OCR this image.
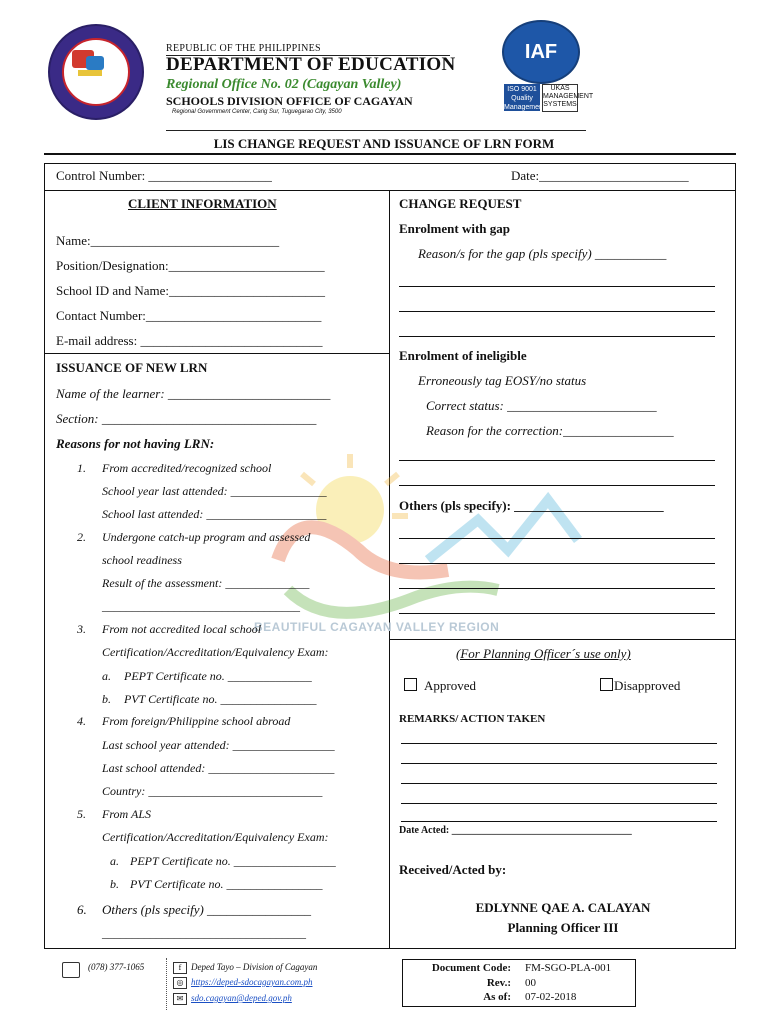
IAF
ISO 9001 Quality Management
UKAS MANAGEMENT SYSTEMS
REPUBLIC OF THE PHILIPPINES
DEPARTMENT OF EDUCATION
Regional Office No. 02 (Cagayan Valley)
SCHOOLS DIVISION OFFICE OF CAGAYAN
Regional Government Center, Carig Sur, Tuguegarao City, 3500
LIS CHANGE REQUEST AND ISSUANCE OF LRN FORM
BEAUTIFUL CAGAYAN VALLEY REGION
Control Number: ___________________	Date:_______________________
CLIENT INFORMATION
Name:_____________________________
Position/Designation:________________________
School ID and Name:________________________
Contact Number:___________________________
E-mail address: ____________________________
ISSUANCE OF NEW LRN
Name of the learner: _________________________
Section: _________________________________
Reasons for not having LRN:
1. From accredited/recognized school
School year last attended: ________________
School last attended: ____________________
2. Undergone catch-up program and assessed
school readiness
Result of the assessment: ______________
_________________________________
3. From not accredited local school
Certification/Accreditation/Equivalency Exam:
a. PEPT Certificate no. ______________
b. PVT Certificate no. ________________
4. From foreign/Philippine school abroad
Last school year attended: _________________
Last school attended: _____________________
Country: _____________________________
5. From ALS
Certification/Accreditation/Equivalency Exam:
a. PEPT Certificate no. _________________
b. PVT Certificate no. ________________
6. Others (pls specify) ________________
__________________________________
CHANGE REQUEST
Enrolment with gap
Reason/s for the gap (pls specify) ___________
Enrolment of ineligible
Erroneously tag EOSY/no status
Correct status: _______________________
Reason for the correction:_________________
Others (pls specify): _______________________
(For Planning Officer´s use only)
Approved	Disapproved
REMARKS/ ACTION TAKEN
Date Acted: ____________________________________
Received/Acted by:
EDLYNNE QAE A. CALAYAN
Planning Officer III
(078) 377-1065	f	Deped Tayo – Division of Cagayan
◎ https://deped-sdocagayan.com.ph
✉ sdo.cagayan@deped.gov.ph
Document Code: FM-SGO-PLA-001
Rev.: 00
As of: 07-02-2018
